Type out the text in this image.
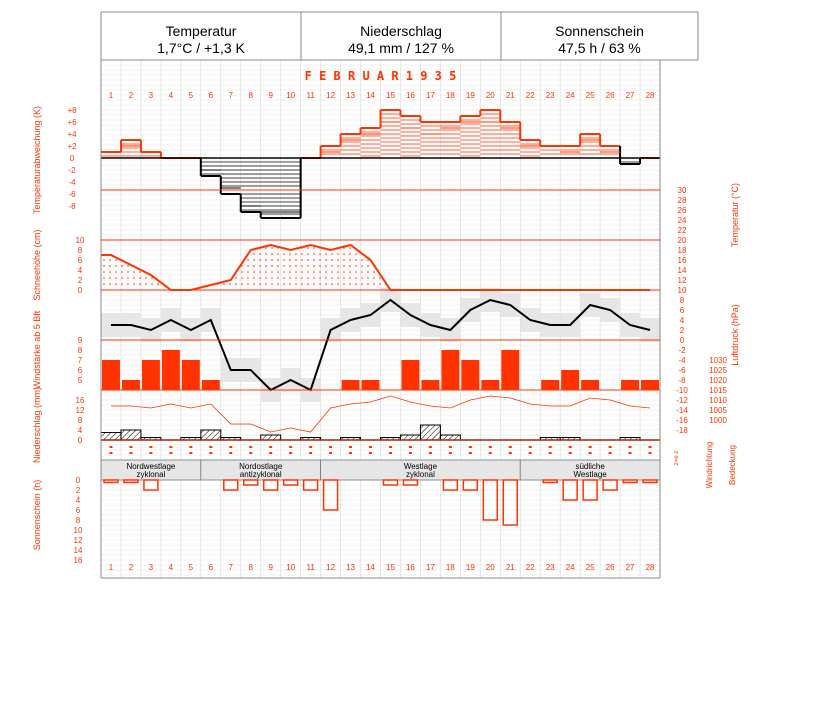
Temperatur
1,7°C / +1,3 K
Niederschlag
49,1 mm / 127 %
Sonnenschein
47,5 h / 63 %
F E B R U A R 1 9 3 5
1
1
2
2
3
3
4
4
5
5
6
6
7
7
8
8
9
9
10
10
11
11
12
12
13
13
14
14
15
15
16
16
17
17
18
18
19
19
20
20
21
21
22
22
23
23
24
24
25
25
26
26
27
27
28
28
+8
+6
+4
+2
0
-2
-4
-6
-8
30
28
26
24
22
20
18
16
14
12
10
8
6
4
2
0
-2
-4
-6
-8
-10
-12
-14
-16
-18
10
8
6
4
2
0
9
8
7
6
5
1030
1025
1020
1015
1010
1005
1000
16
12
8
4
0
z=e z
Nordwestlage
zyklonal
Nordostlage
antizyklonal
Westlage
zyklonal
südliche
Westlage
0
2
4
6
8
10
12
14
16
Temperaturabweichung (K)
Schneehöhe (cm)
Windstärke ab 5 Bft
Niederschlag (mm)
Sonnenschein (h)
Temperatur (°C)
Luftdruck (hPa)
Windrichtung Bedeckung
